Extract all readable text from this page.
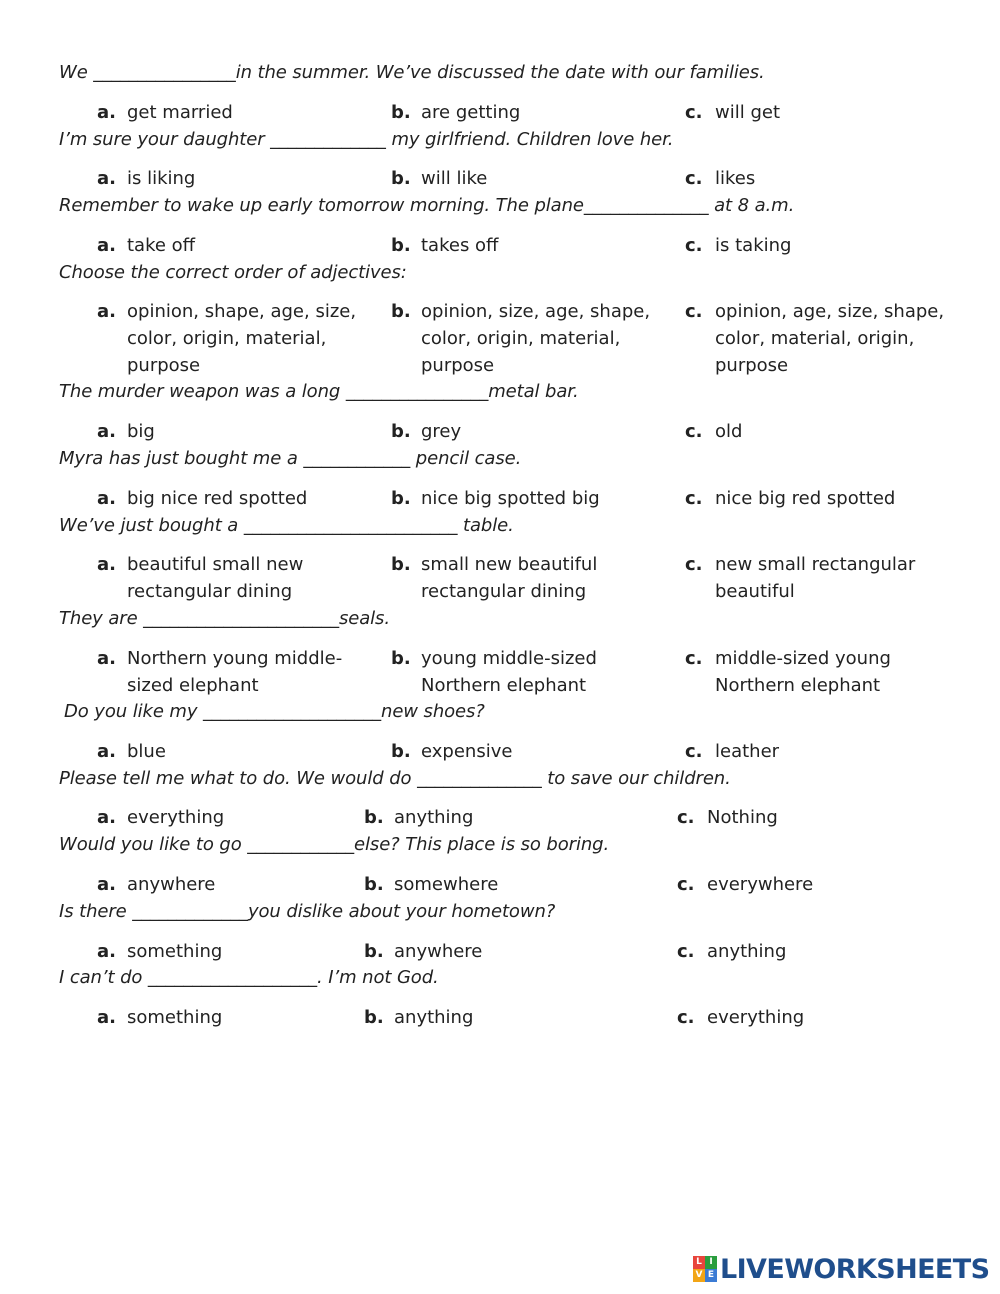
We ________________in the summer. We’ve discussed the date with our families.
a. get married	b. are getting	c. will get
I’m sure your daughter _____________ my girlfriend. Children love her.
a. is liking	b. will like	c. likes
Remember to wake up early tomorrow morning. The plane______________ at 8 a.m.
a. take off	b. takes off	c. is taking
Choose the correct order of adjectives:
a. opinion, shape, age, size,
color, origin, material,
purpose
b. opinion, size, age, shape,
color, origin, material,
purpose
c. opinion, age, size, shape,
color, material, origin,
purpose
The murder weapon was a long ________________metal bar.
a. big	b. grey	c. old
Myra has just bought me a ____________ pencil case.
a. big nice red spotted	b. nice big spotted big	c. nice big red spotted
We’ve just bought a ________________________ table.
a. beautiful small new
rectangular dining
b. small new beautiful
rectangular dining
c. new small rectangular
beautiful
They are ______________________seals.
a. Northern young middle-
sized elephant
b. young middle-sized
Northern elephant
c. middle-sized young
Northern elephant
Do you like my ____________________new shoes?
a. blue	b. expensive	c. leather
Please tell me what to do. We would do ______________ to save our children.
a. everything	b. anything	c. Nothing
Would you like to go ____________else? This place is so boring.
a. anywhere	b. somewhere	c. everywhere
Is there _____________you dislike about your hometown?
a. something	b. anywhere	c. anything
I can’t do ___________________. I’m not God.
a. something	b. anything	c. everything
L I
V E LIVEWORKSHEETS
